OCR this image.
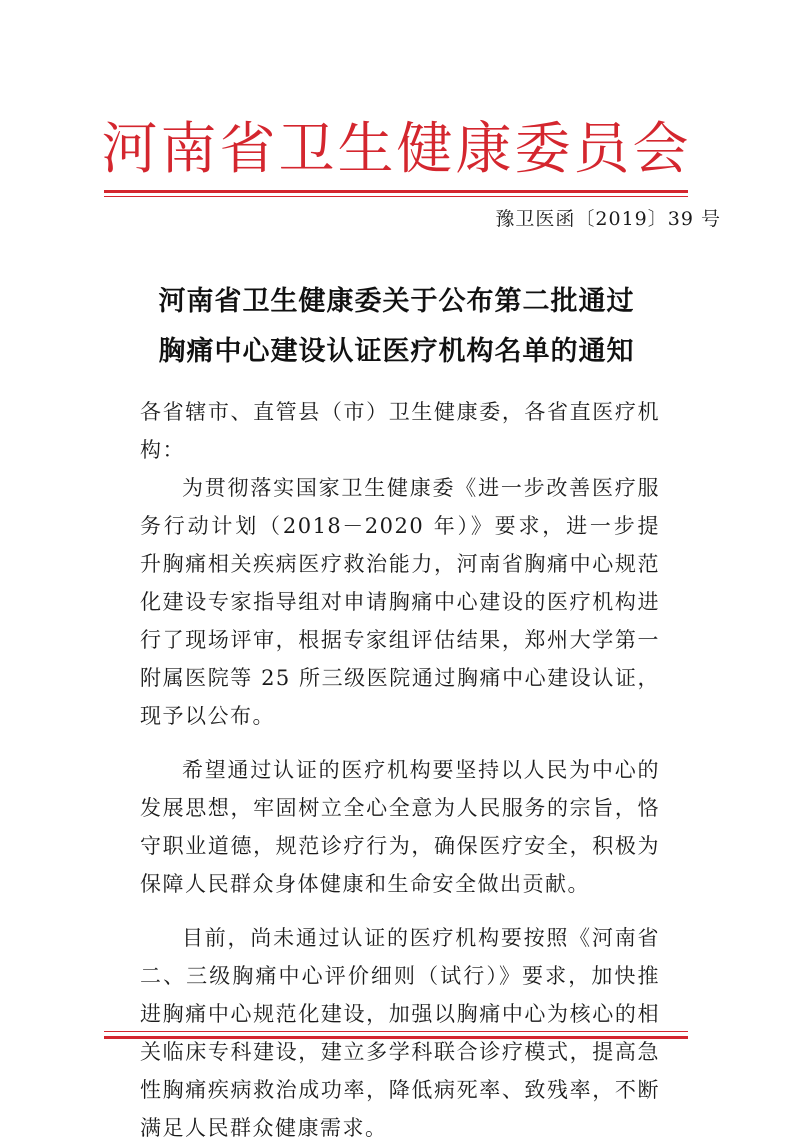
河南省卫生健康委员会
豫卫医函〔2019〕39 号
河南省卫生健康委关于公布第二批通过
胸痛中心建设认证医疗机构名单的通知

各省辖市、直管县（市）卫生健康委，各省直医疗机构：

为贯彻落实国家卫生健康委《进一步改善医疗服务行动计划（2018－2020 年）》要求，进一步提升胸痛相关疾病医疗救治能力，河南省胸痛中心规范化建设专家指导组对申请胸痛中心建设的医疗机构进行了现场评审，根据专家组评估结果，郑州大学第一附属医院等 25 所三级医院通过胸痛中心建设认证，现予以公布。

希望通过认证的医疗机构要坚持以人民为中心的发展思想，牢固树立全心全意为人民服务的宗旨，恪守职业道德，规范诊疗行为，确保医疗安全，积极为保障人民群众身体健康和生命安全做出贡献。

目前，尚未通过认证的医疗机构要按照《河南省二、三级胸痛中心评价细则（试行）》要求，加快推进胸痛中心规范化建设，加强以胸痛中心为核心的相关临床专科建设，建立多学科联合诊疗模式，提高急性胸痛疾病救治成功率，降低病死率、致残率，不断满足人民群众健康需求。
